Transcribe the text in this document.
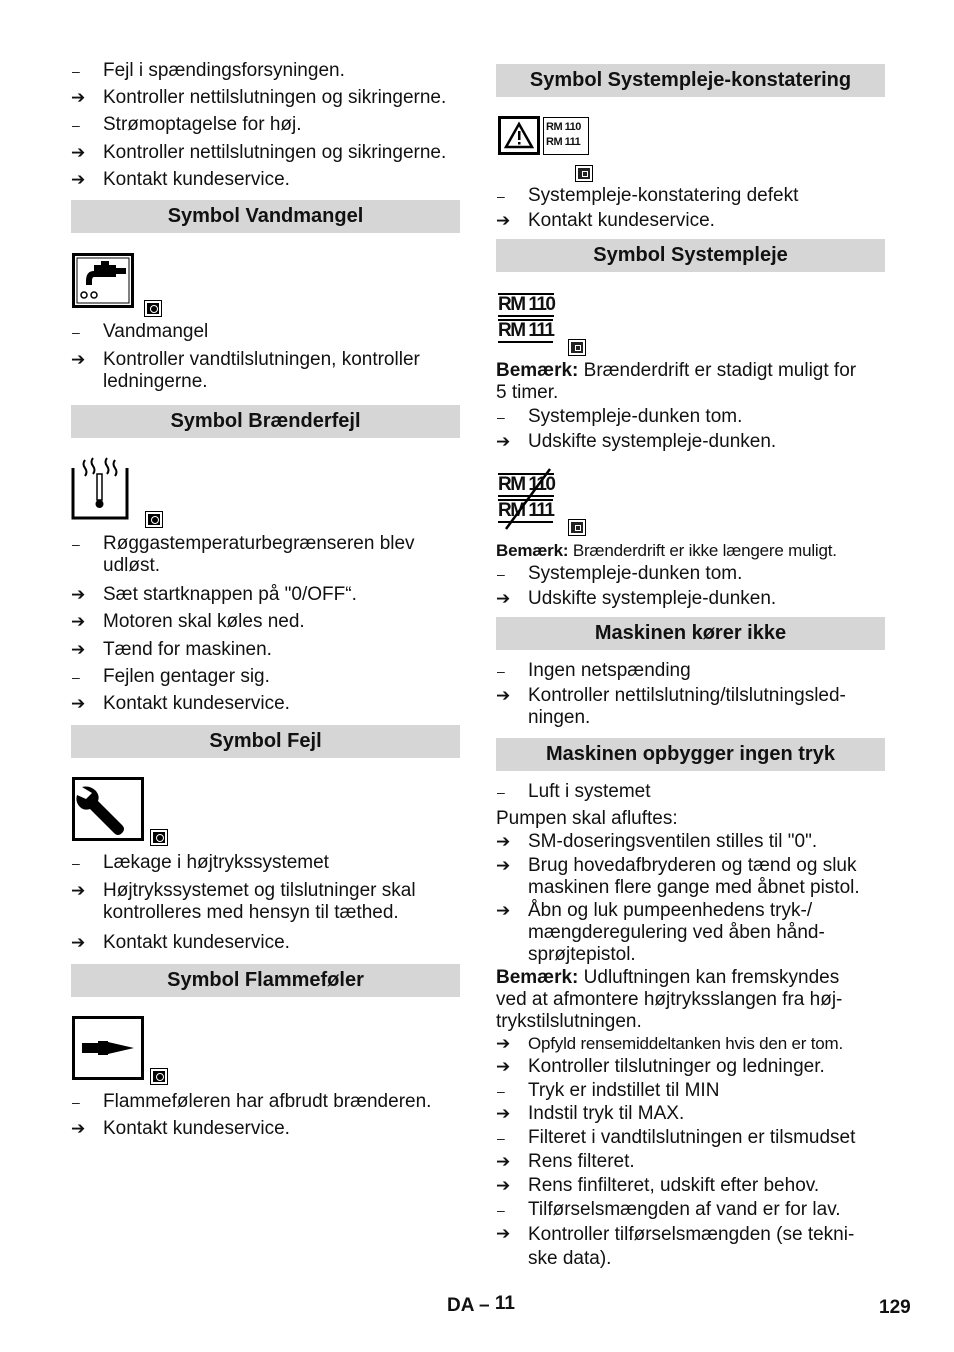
–	Fejl i spændingsforsyningen.
➔ Kontroller nettilslutningen og sikringerne.
–	Strømoptagelse for høj.
➔ Kontroller nettilslutningen og sikringerne.
➔ Kontakt kundeservice.
Symbol Vandmangel
–	Vandmangel
➔ Kontroller vandtilslutningen, kontroller
ledningerne.
Symbol Brænderfejl
–	Røggastemperaturbegrænseren blev
udløst.
➔ Sæt startknappen på "0/OFF“.
➔ Motoren skal køles ned.
➔ Tænd for maskinen.
–	Fejlen gentager sig.
➔ Kontakt kundeservice.
Symbol Fejl
–	Lækage i højtrykssystemet
➔ Højtrykssystemet og tilslutninger skal
kontrolleres med hensyn til tæthed.
➔ Kontakt kundeservice.
Symbol Flammeføler
–	Flammeføleren har afbrudt brænderen.
➔ Kontakt kundeservice.
Symbol Systempleje-konstatering
RM 110
RM 111
–	Systempleje-konstatering defekt
➔ Kontakt kundeservice.
Symbol Systempleje
RM 110
RM 111
Bemærk: Brænderdrift er stadigt muligt for
5 timer.
–	Systempleje-dunken tom.
➔ Udskifte systempleje-dunken.
RM 110
RM 111
Bemærk: Brænderdrift er ikke længere muligt.
–	Systempleje-dunken tom.
➔ Udskifte systempleje-dunken.
Maskinen kører ikke
–	Ingen netspænding
➔ Kontroller nettilslutning/tilslutningsled-
ningen.
Maskinen opbygger ingen tryk
–	Luft i systemet
Pumpen skal afluftes:
➔ SM-doseringsventilen stilles til "0".
➔ Brug hovedafbryderen og tænd og sluk
maskinen flere gange med åbnet pistol.
➔ Åbn og luk pumpeenhedens tryk-/
mængderegulering ved åben hånd-
sprøjtepistol.
Bemærk: Udluftningen kan fremskyndes
ved at afmontere højtryksslangen fra høj-
trykstilslutningen.
➔	Opfyld rensemiddeltanken hvis den er tom.
➔ Kontroller tilslutninger og ledninger.
–	Tryk er indstillet til MIN
➔ Indstil tryk til MAX.
–	Filteret i vandtilslutningen er tilsmudset
➔ Rens filteret.
➔ Rens finfilteret, udskift efter behov.
–	Tilførselsmængden af vand er for lav.
➔ Kontroller tilførselsmængden (se tekni-
ske data).
DA – 11	129
